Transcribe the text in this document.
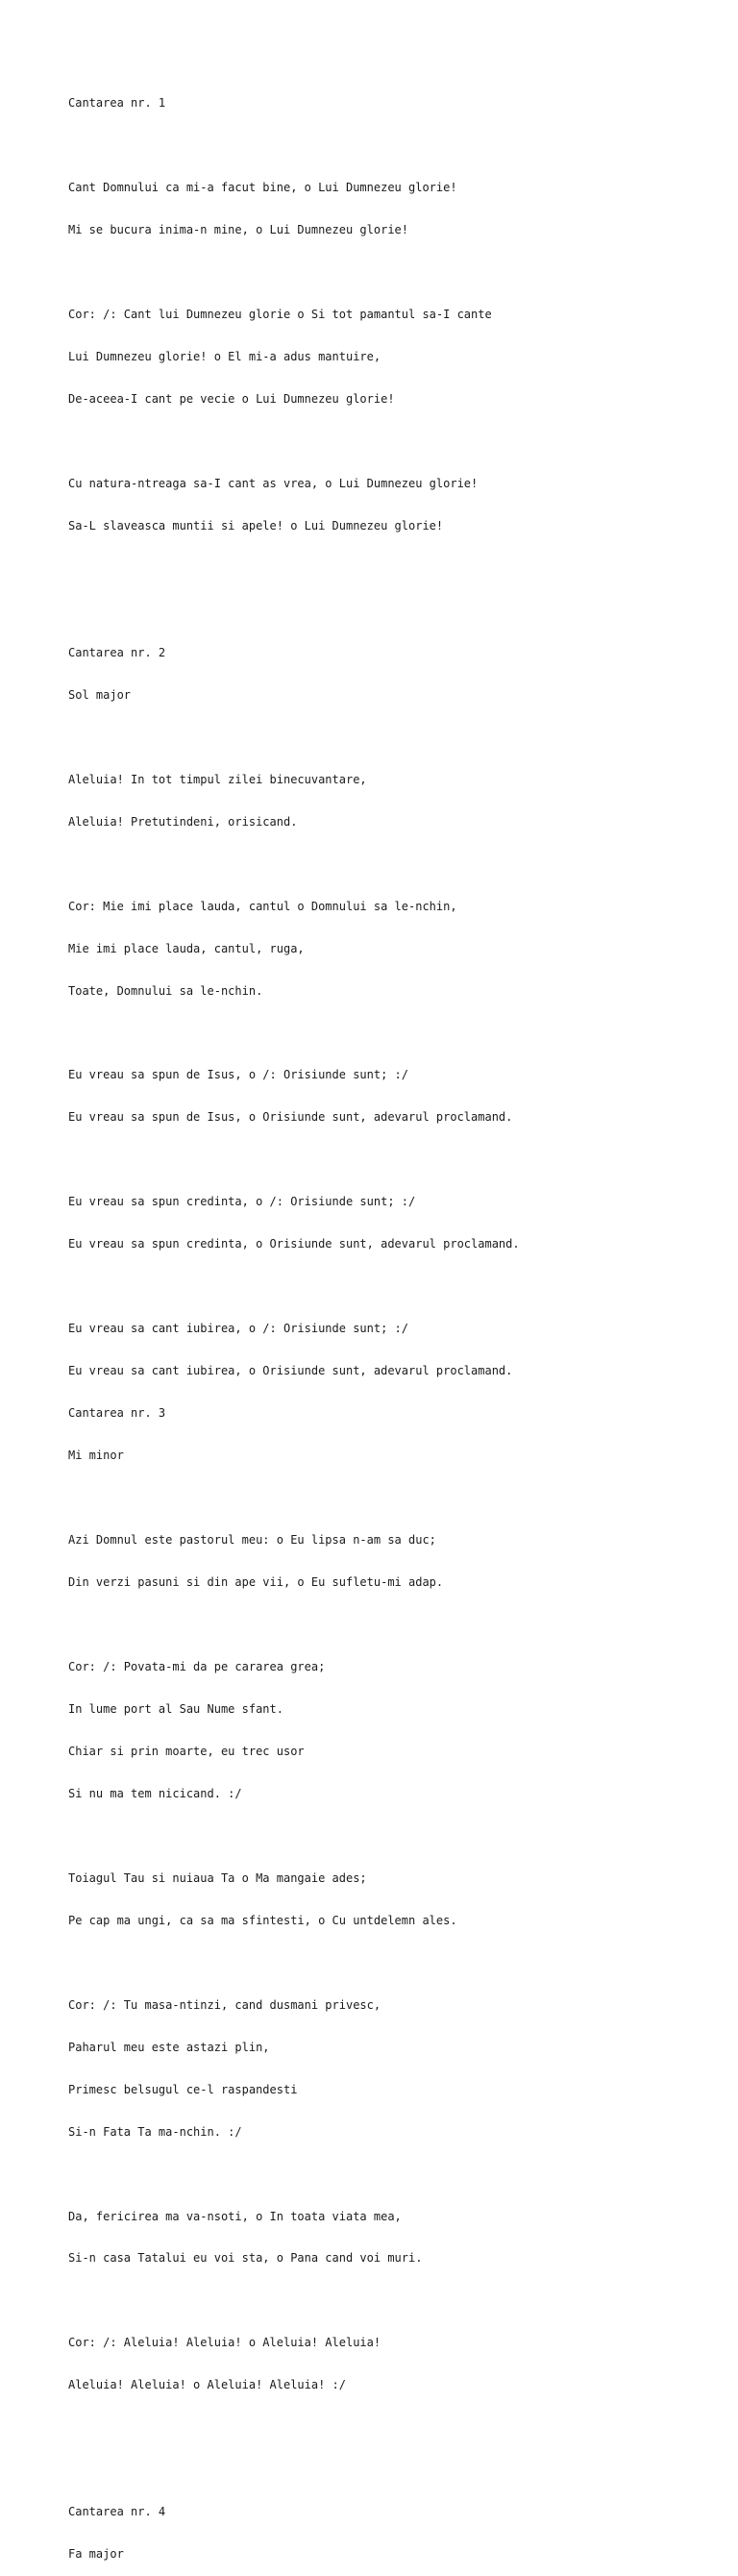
Cantarea nr. 1

Cant Domnului ca mi-a facut bine, o Lui Dumnezeu glorie!

Mi se bucura inima-n mine, o Lui Dumnezeu glorie!

Cor: /: Cant lui Dumnezeu glorie o Si tot pamantul sa-I cante

Lui Dumnezeu glorie! o El mi-a adus mantuire,

De-aceea-I cant pe vecie o Lui Dumnezeu glorie!

Cu natura-ntreaga sa-I cant as vrea, o Lui Dumnezeu glorie!

Sa-L slaveasca muntii si apele! o Lui Dumnezeu glorie!

Cantarea nr. 2

Sol major

Aleluia! In tot timpul zilei binecuvantare,

Aleluia! Pretutindeni, orisicand.

Cor: Mie imi place lauda, cantul o Domnului sa le-nchin,

Mie imi place lauda, cantul, ruga,

Toate, Domnului sa le-nchin.

Eu vreau sa spun de Isus, o /: Orisiunde sunt; :/

Eu vreau sa spun de Isus, o Orisiunde sunt, adevarul proclamand.

Eu vreau sa spun credinta, o /: Orisiunde sunt; :/

Eu vreau sa spun credinta, o Orisiunde sunt, adevarul proclamand.

Eu vreau sa cant iubirea, o /: Orisiunde sunt; :/

Eu vreau sa cant iubirea, o Orisiunde sunt, adevarul proclamand.

Cantarea nr. 3

Mi minor

Azi Domnul este pastorul meu: o Eu lipsa n-am sa duc;

Din verzi pasuni si din ape vii, o Eu sufletu-mi adap.

Cor: /: Povata-mi da pe cararea grea;

In lume port al Sau Nume sfant.

Chiar si prin moarte, eu trec usor

Si nu ma tem nicicand. :/

Toiagul Tau si nuiaua Ta o Ma mangaie ades;

Pe cap ma ungi, ca sa ma sfintesti, o Cu untdelemn ales.

Cor: /: Tu masa-ntinzi, cand dusmani privesc,

Paharul meu este astazi plin,

Primesc belsugul ce-l raspandesti

Si-n Fata Ta ma-nchin. :/

Da, fericirea ma va-nsoti, o In toata viata mea,

Si-n casa Tatalui eu voi sta, o Pana cand voi muri.

Cor: /: Aleluia! Aleluia! o Aleluia! Aleluia!

Aleluia! Aleluia! o Aleluia! Aleluia! :/

Cantarea nr. 4

Fa major
